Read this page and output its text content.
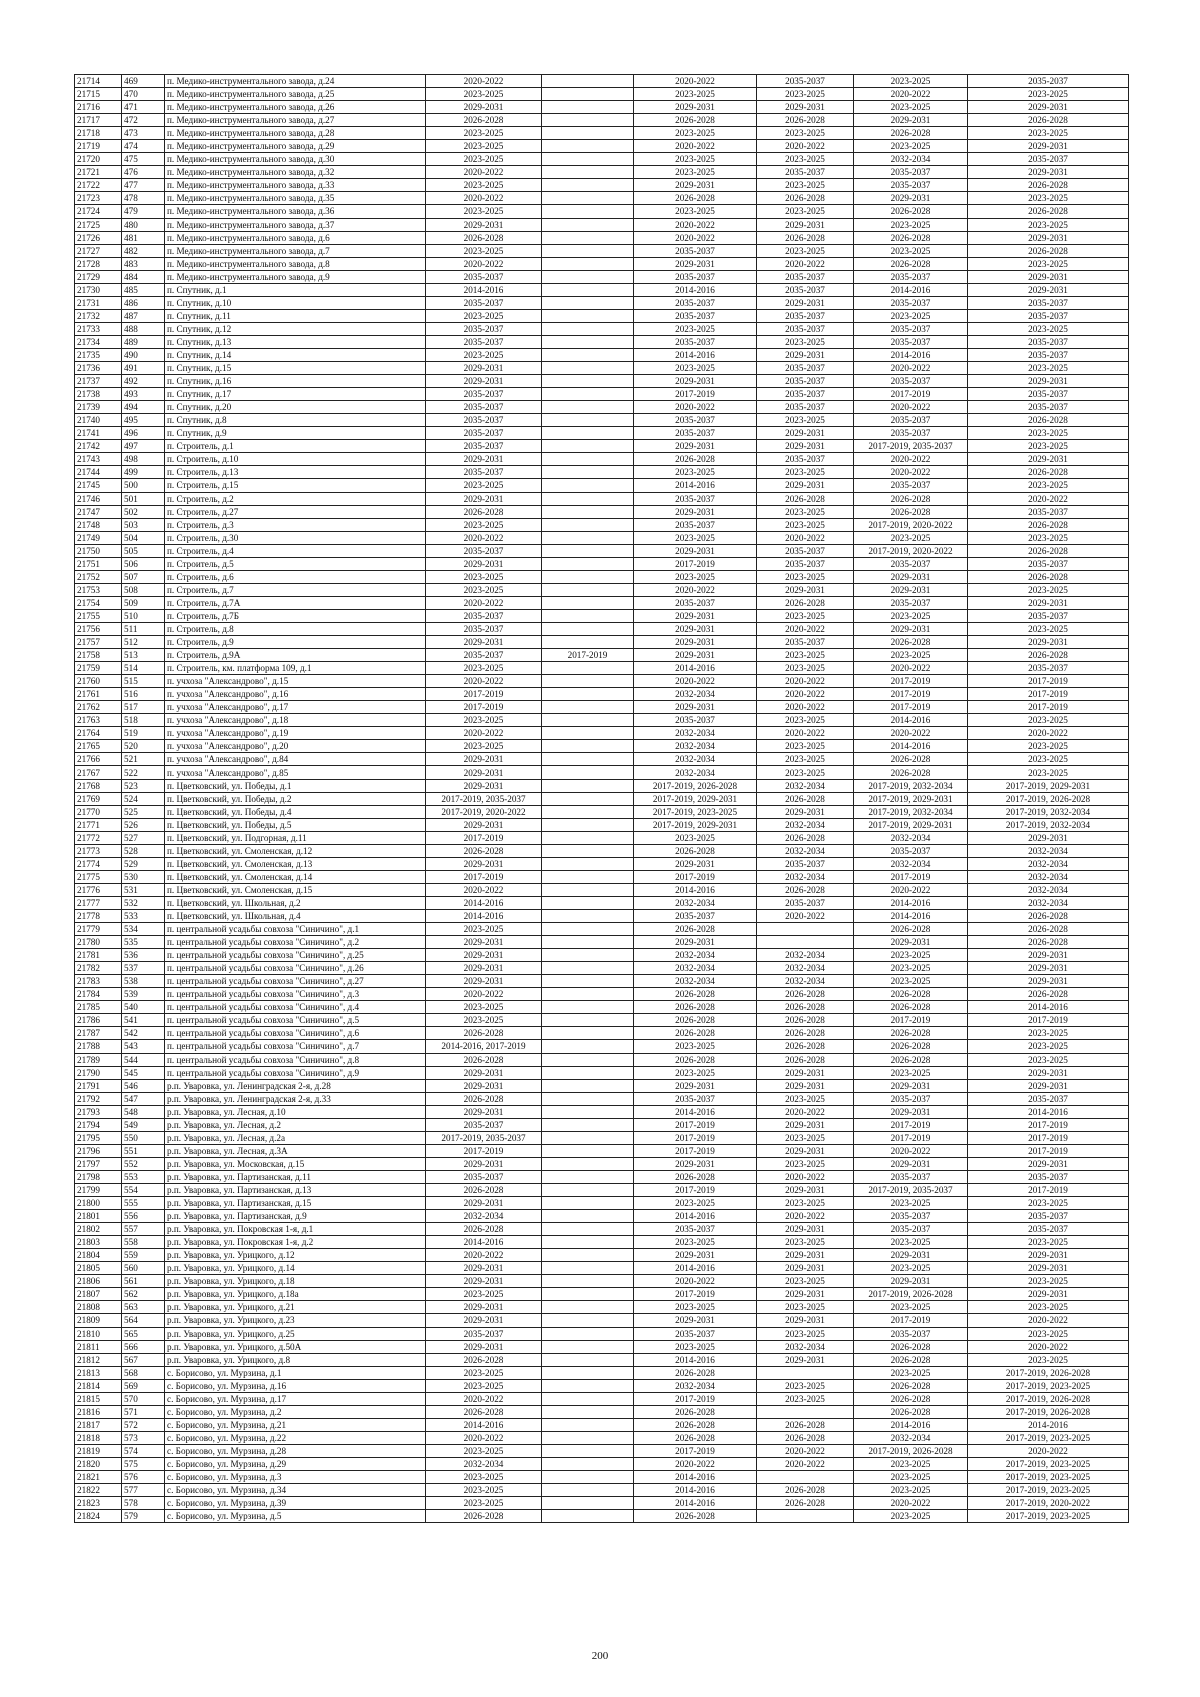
21714	469	п. Медико-инструментального завода, д.24	2020-2022		2020-2022	2035-2037	2023-2025	2035-2037
21715	470	п. Медико-инструментального завода, д.25	2023-2025		2023-2025	2023-2025	2020-2022	2023-2025
21716	471	п. Медико-инструментального завода, д.26	2029-2031		2029-2031	2029-2031	2023-2025	2029-2031
21717	472	п. Медико-инструментального завода, д.27	2026-2028		2026-2028	2026-2028	2029-2031	2026-2028
21718	473	п. Медико-инструментального завода, д.28	2023-2025		2023-2025	2023-2025	2026-2028	2023-2025
21719	474	п. Медико-инструментального завода, д.29	2023-2025		2020-2022	2020-2022	2023-2025	2029-2031
21720	475	п. Медико-инструментального завода, д.30	2023-2025		2023-2025	2023-2025	2032-2034	2035-2037
21721	476	п. Медико-инструментального завода, д.32	2020-2022		2023-2025	2035-2037	2035-2037	2029-2031
21722	477	п. Медико-инструментального завода, д.33	2023-2025		2029-2031	2023-2025	2035-2037	2026-2028
21723	478	п. Медико-инструментального завода, д.35	2020-2022		2026-2028	2026-2028	2029-2031	2023-2025
21724	479	п. Медико-инструментального завода, д.36	2023-2025		2023-2025	2023-2025	2026-2028	2026-2028
21725	480	п. Медико-инструментального завода, д.37	2029-2031		2020-2022	2029-2031	2023-2025	2023-2025
21726	481	п. Медико-инструментального завода, д.6	2026-2028		2020-2022	2026-2028	2026-2028	2029-2031
21727	482	п. Медико-инструментального завода, д.7	2023-2025		2035-2037	2023-2025	2023-2025	2026-2028
21728	483	п. Медико-инструментального завода, д.8	2020-2022		2029-2031	2020-2022	2026-2028	2023-2025
21729	484	п. Медико-инструментального завода, д.9	2035-2037		2035-2037	2035-2037	2035-2037	2029-2031
21730	485	п. Спутник, д.1	2014-2016		2014-2016	2035-2037	2014-2016	2029-2031
21731	486	п. Спутник, д.10	2035-2037		2035-2037	2029-2031	2035-2037	2035-2037
21732	487	п. Спутник, д.11	2023-2025		2035-2037	2035-2037	2023-2025	2035-2037
21733	488	п. Спутник, д.12	2035-2037		2023-2025	2035-2037	2035-2037	2023-2025
21734	489	п. Спутник, д.13	2035-2037		2035-2037	2023-2025	2035-2037	2035-2037
21735	490	п. Спутник, д.14	2023-2025		2014-2016	2029-2031	2014-2016	2035-2037
21736	491	п. Спутник, д.15	2029-2031		2023-2025	2035-2037	2020-2022	2023-2025
21737	492	п. Спутник, д.16	2029-2031		2029-2031	2035-2037	2035-2037	2029-2031
21738	493	п. Спутник, д.17	2035-2037		2017-2019	2035-2037	2017-2019	2035-2037
21739	494	п. Спутник, д.20	2035-2037		2020-2022	2035-2037	2020-2022	2035-2037
21740	495	п. Спутник, д.8	2035-2037		2035-2037	2023-2025	2035-2037	2026-2028
21741	496	п. Спутник, д.9	2035-2037		2035-2037	2029-2031	2035-2037	2023-2025
21742	497	п. Строитель, д.1	2035-2037		2029-2031	2029-2031	2017-2019, 2035-2037	2023-2025
21743	498	п. Строитель, д.10	2029-2031		2026-2028	2035-2037	2020-2022	2029-2031
21744	499	п. Строитель, д.13	2035-2037		2023-2025	2023-2025	2020-2022	2026-2028
21745	500	п. Строитель, д.15	2023-2025		2014-2016	2029-2031	2035-2037	2023-2025
21746	501	п. Строитель, д.2	2029-2031		2035-2037	2026-2028	2026-2028	2020-2022
21747	502	п. Строитель, д.27	2026-2028		2029-2031	2023-2025	2026-2028	2035-2037
21748	503	п. Строитель, д.3	2023-2025		2035-2037	2023-2025	2017-2019, 2020-2022	2026-2028
21749	504	п. Строитель, д.30	2020-2022		2023-2025	2020-2022	2023-2025	2023-2025
21750	505	п. Строитель, д.4	2035-2037		2029-2031	2035-2037	2017-2019, 2020-2022	2026-2028
21751	506	п. Строитель, д.5	2029-2031		2017-2019	2035-2037	2035-2037	2035-2037
21752	507	п. Строитель, д.6	2023-2025		2023-2025	2023-2025	2029-2031	2026-2028
21753	508	п. Строитель, д.7	2023-2025		2020-2022	2029-2031	2029-2031	2023-2025
21754	509	п. Строитель, д.7А	2020-2022		2035-2037	2026-2028	2035-2037	2029-2031
21755	510	п. Строитель, д.7Б	2035-2037		2029-2031	2023-2025	2023-2025	2035-2037
21756	511	п. Строитель, д.8	2035-2037		2029-2031	2020-2022	2029-2031	2023-2025
21757	512	п. Строитель, д.9	2029-2031		2029-2031	2035-2037	2026-2028	2029-2031
21758	513	п. Строитель, д.9А	2035-2037	2017-2019	2029-2031	2023-2025	2023-2025	2026-2028
21759	514	п. Строитель, км. платформа 109, д.1	2023-2025		2014-2016	2023-2025	2020-2022	2035-2037
21760	515	п. учхоза "Александрово", д.15	2020-2022		2020-2022	2020-2022	2017-2019	2017-2019
21761	516	п. учхоза "Александрово", д.16	2017-2019		2032-2034	2020-2022	2017-2019	2017-2019
21762	517	п. учхоза "Александрово", д.17	2017-2019		2029-2031	2020-2022	2017-2019	2017-2019
21763	518	п. учхоза "Александрово", д.18	2023-2025		2035-2037	2023-2025	2014-2016	2023-2025
21764	519	п. учхоза "Александрово", д.19	2020-2022		2032-2034	2020-2022	2020-2022	2020-2022
21765	520	п. учхоза "Александрово", д.20	2023-2025		2032-2034	2023-2025	2014-2016	2023-2025
21766	521	п. учхоза "Александрово", д.84	2029-2031		2032-2034	2023-2025	2026-2028	2023-2025
21767	522	п. учхоза "Александрово", д.85	2029-2031		2032-2034	2023-2025	2026-2028	2023-2025
21768	523	п. Цветковский, ул. Победы, д.1	2029-2031		2017-2019, 2026-2028	2032-2034	2017-2019, 2032-2034	2017-2019, 2029-2031
21769	524	п. Цветковский, ул. Победы, д.2	2017-2019, 2035-2037		2017-2019, 2029-2031	2026-2028	2017-2019, 2029-2031	2017-2019, 2026-2028
21770	525	п. Цветковский, ул. Победы, д.4	2017-2019, 2020-2022		2017-2019, 2023-2025	2029-2031	2017-2019, 2032-2034	2017-2019, 2032-2034
21771	526	п. Цветковский, ул. Победы, д.5	2029-2031		2017-2019, 2029-2031	2032-2034	2017-2019, 2029-2031	2017-2019, 2032-2034
21772	527	п. Цветковский, ул. Подгорная, д.11	2017-2019		2023-2025	2026-2028	2032-2034	2029-2031
21773	528	п. Цветковский, ул. Смоленская, д.12	2026-2028		2026-2028	2032-2034	2035-2037	2032-2034
21774	529	п. Цветковский, ул. Смоленская, д.13	2029-2031		2029-2031	2035-2037	2032-2034	2032-2034
21775	530	п. Цветковский, ул. Смоленская, д.14	2017-2019		2017-2019	2032-2034	2017-2019	2032-2034
21776	531	п. Цветковский, ул. Смоленская, д.15	2020-2022		2014-2016	2026-2028	2020-2022	2032-2034
21777	532	п. Цветковский, ул. Школьная, д.2	2014-2016		2032-2034	2035-2037	2014-2016	2032-2034
21778	533	п. Цветковский, ул. Школьная, д.4	2014-2016		2035-2037	2020-2022	2014-2016	2026-2028
21779	534	п. центральной усадьбы совхоза "Синичино", д.1	2023-2025		2026-2028		2026-2028	2026-2028
21780	535	п. центральной усадьбы совхоза "Синичино", д.2	2029-2031		2029-2031		2029-2031	2026-2028
21781	536	п. центральной усадьбы совхоза "Синичино", д.25	2029-2031		2032-2034	2032-2034	2023-2025	2029-2031
21782	537	п. центральной усадьбы совхоза "Синичино", д.26	2029-2031		2032-2034	2032-2034	2023-2025	2029-2031
21783	538	п. центральной усадьбы совхоза "Синичино", д.27	2029-2031		2032-2034	2032-2034	2023-2025	2029-2031
21784	539	п. центральной усадьбы совхоза "Синичино", д.3	2020-2022		2026-2028	2026-2028	2026-2028	2026-2028
21785	540	п. центральной усадьбы совхоза "Синичино", д.4	2023-2025		2026-2028	2026-2028	2026-2028	2014-2016
21786	541	п. центральной усадьбы совхоза "Синичино", д.5	2023-2025		2026-2028	2026-2028	2017-2019	2017-2019
21787	542	п. центральной усадьбы совхоза "Синичино", д.6	2026-2028		2026-2028	2026-2028	2026-2028	2023-2025
21788	543	п. центральной усадьбы совхоза "Синичино", д.7	2014-2016, 2017-2019		2023-2025	2026-2028	2026-2028	2023-2025
21789	544	п. центральной усадьбы совхоза "Синичино", д.8	2026-2028		2026-2028	2026-2028	2026-2028	2023-2025
21790	545	п. центральной усадьбы совхоза "Синичино", д.9	2029-2031		2023-2025	2029-2031	2023-2025	2029-2031
21791	546	р.п. Уваровка, ул. Ленинградская 2-я, д.28	2029-2031		2029-2031	2029-2031	2029-2031	2029-2031
21792	547	р.п. Уваровка, ул. Ленинградская 2-я, д.33	2026-2028		2035-2037	2023-2025	2035-2037	2035-2037
21793	548	р.п. Уваровка, ул. Лесная, д.10	2029-2031		2014-2016	2020-2022	2029-2031	2014-2016
21794	549	р.п. Уваровка, ул. Лесная, д.2	2035-2037		2017-2019	2029-2031	2017-2019	2017-2019
21795	550	р.п. Уваровка, ул. Лесная, д.2а	2017-2019, 2035-2037		2017-2019	2023-2025	2017-2019	2017-2019
21796	551	р.п. Уваровка, ул. Лесная, д.3А	2017-2019		2017-2019	2029-2031	2020-2022	2017-2019
21797	552	р.п. Уваровка, ул. Московская, д.15	2029-2031		2029-2031	2023-2025	2029-2031	2029-2031
21798	553	р.п. Уваровка, ул. Партизанская, д.11	2035-2037		2026-2028	2020-2022	2035-2037	2035-2037
21799	554	р.п. Уваровка, ул. Партизанская, д.13	2026-2028		2017-2019	2029-2031	2017-2019, 2035-2037	2017-2019
21800	555	р.п. Уваровка, ул. Партизанская, д.15	2029-2031		2023-2025	2023-2025	2023-2025	2023-2025
21801	556	р.п. Уваровка, ул. Партизанская, д.9	2032-2034		2014-2016	2020-2022	2035-2037	2035-2037
21802	557	р.п. Уваровка, ул. Покровская 1-я, д.1	2026-2028		2035-2037	2029-2031	2035-2037	2035-2037
21803	558	р.п. Уваровка, ул. Покровская 1-я, д.2	2014-2016		2023-2025	2023-2025	2023-2025	2023-2025
21804	559	р.п. Уваровка, ул. Урицкого, д.12	2020-2022		2029-2031	2029-2031	2029-2031	2029-2031
21805	560	р.п. Уваровка, ул. Урицкого, д.14	2029-2031		2014-2016	2029-2031	2023-2025	2029-2031
21806	561	р.п. Уваровка, ул. Урицкого, д.18	2029-2031		2020-2022	2023-2025	2029-2031	2023-2025
21807	562	р.п. Уваровка, ул. Урицкого, д.18а	2023-2025		2017-2019	2029-2031	2017-2019, 2026-2028	2029-2031
21808	563	р.п. Уваровка, ул. Урицкого, д.21	2029-2031		2023-2025	2023-2025	2023-2025	2023-2025
21809	564	р.п. Уваровка, ул. Урицкого, д.23	2029-2031		2029-2031	2029-2031	2017-2019	2020-2022
21810	565	р.п. Уваровка, ул. Урицкого, д.25	2035-2037		2035-2037	2023-2025	2035-2037	2023-2025
21811	566	р.п. Уваровка, ул. Урицкого, д.50А	2029-2031		2023-2025	2032-2034	2026-2028	2020-2022
21812	567	р.п. Уваровка, ул. Урицкого, д.8	2026-2028		2014-2016	2029-2031	2026-2028	2023-2025
21813	568	с. Борисово, ул. Мурзина, д.1	2023-2025		2026-2028		2023-2025	2017-2019, 2026-2028
21814	569	с. Борисово, ул. Мурзина, д.16	2023-2025		2032-2034	2023-2025	2026-2028	2017-2019, 2023-2025
21815	570	с. Борисово, ул. Мурзина, д.17	2020-2022		2017-2019	2023-2025	2026-2028	2017-2019, 2026-2028
21816	571	с. Борисово, ул. Мурзина, д.2	2026-2028		2026-2028		2026-2028	2017-2019, 2026-2028
21817	572	с. Борисово, ул. Мурзина, д.21	2014-2016		2026-2028	2026-2028	2014-2016	2014-2016
21818	573	с. Борисово, ул. Мурзина, д.22	2020-2022		2026-2028	2026-2028	2032-2034	2017-2019, 2023-2025
21819	574	с. Борисово, ул. Мурзина, д.28	2023-2025		2017-2019	2020-2022	2017-2019, 2026-2028	2020-2022
21820	575	с. Борисово, ул. Мурзина, д.29	2032-2034		2020-2022	2020-2022	2023-2025	2017-2019, 2023-2025
21821	576	с. Борисово, ул. Мурзина, д.3	2023-2025		2014-2016		2023-2025	2017-2019, 2023-2025
21822	577	с. Борисово, ул. Мурзина, д.34	2023-2025		2014-2016	2026-2028	2023-2025	2017-2019, 2023-2025
21823	578	с. Борисово, ул. Мурзина, д.39	2023-2025		2014-2016	2026-2028	2020-2022	2017-2019, 2020-2022
21824	579	с. Борисово, ул. Мурзина, д.5	2026-2028		2026-2028		2023-2025	2017-2019, 2023-2025
200
